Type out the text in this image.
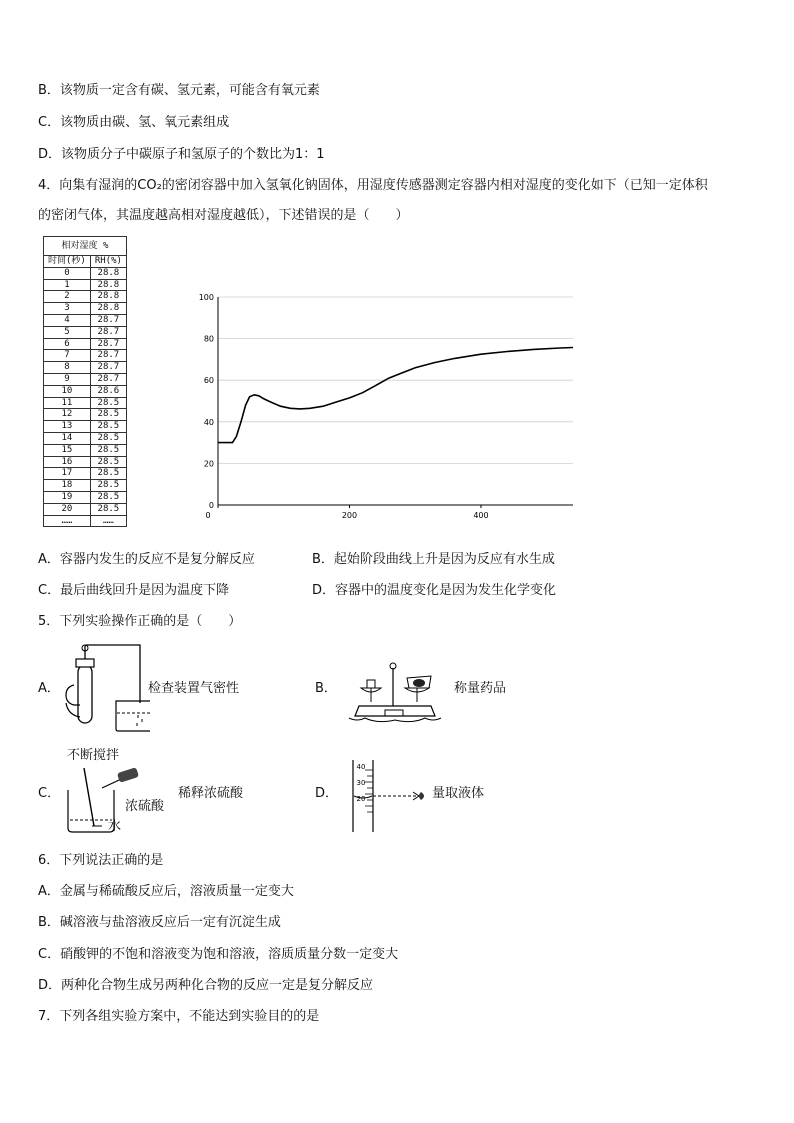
B．该物质一定含有碳、氢元素，可能含有氧元素
C．该物质由碳、氢、氧元素组成
D．该物质分子中碳原子和氢原子的个数比为1：1
4．向集有湿润的CO₂的密闭容器中加入氢氧化钠固体，用湿度传感器测定容器内相对湿度的变化如下（已知一定体积
的密闭气体，其温度越高相对湿度越低），下述错误的是（　　）
相对湿度 %	
时间(秒)	RH(%)
0	28.8
1	28.8
2	28.8
3	28.8
4	28.7
5	28.7
6	28.7
7	28.7
8	28.7
9	28.7
10	28.6
11	28.5
12	28.5
13	28.5
14	28.5
15	28.5
16	28.5
17	28.5
18	28.5
19	28.5
20	28.5
……	……
0
20
40
60
80
100
0	200	400
A．容器内发生的反应不是复分解反应	B．起始阶段曲线上升是因为反应有水生成
C．最后曲线回升是因为温度下降	D．容器中的温度变化是因为发生化学变化
5．下列实验操作正确的是（　　）
A．	检查装置气密性	B．	称量药品
C．
不断搅拌
浓硫酸
水
稀释浓硫酸	D．
40
30
20	量取液体
6．下列说法正确的是
A．金属与稀硫酸反应后，溶液质量一定变大
B．碱溶液与盐溶液反应后一定有沉淀生成
C．硝酸钾的不饱和溶液变为饱和溶液，溶质质量分数一定变大
D．两种化合物生成另两种化合物的反应一定是复分解反应
7．下列各组实验方案中，不能达到实验目的的是
